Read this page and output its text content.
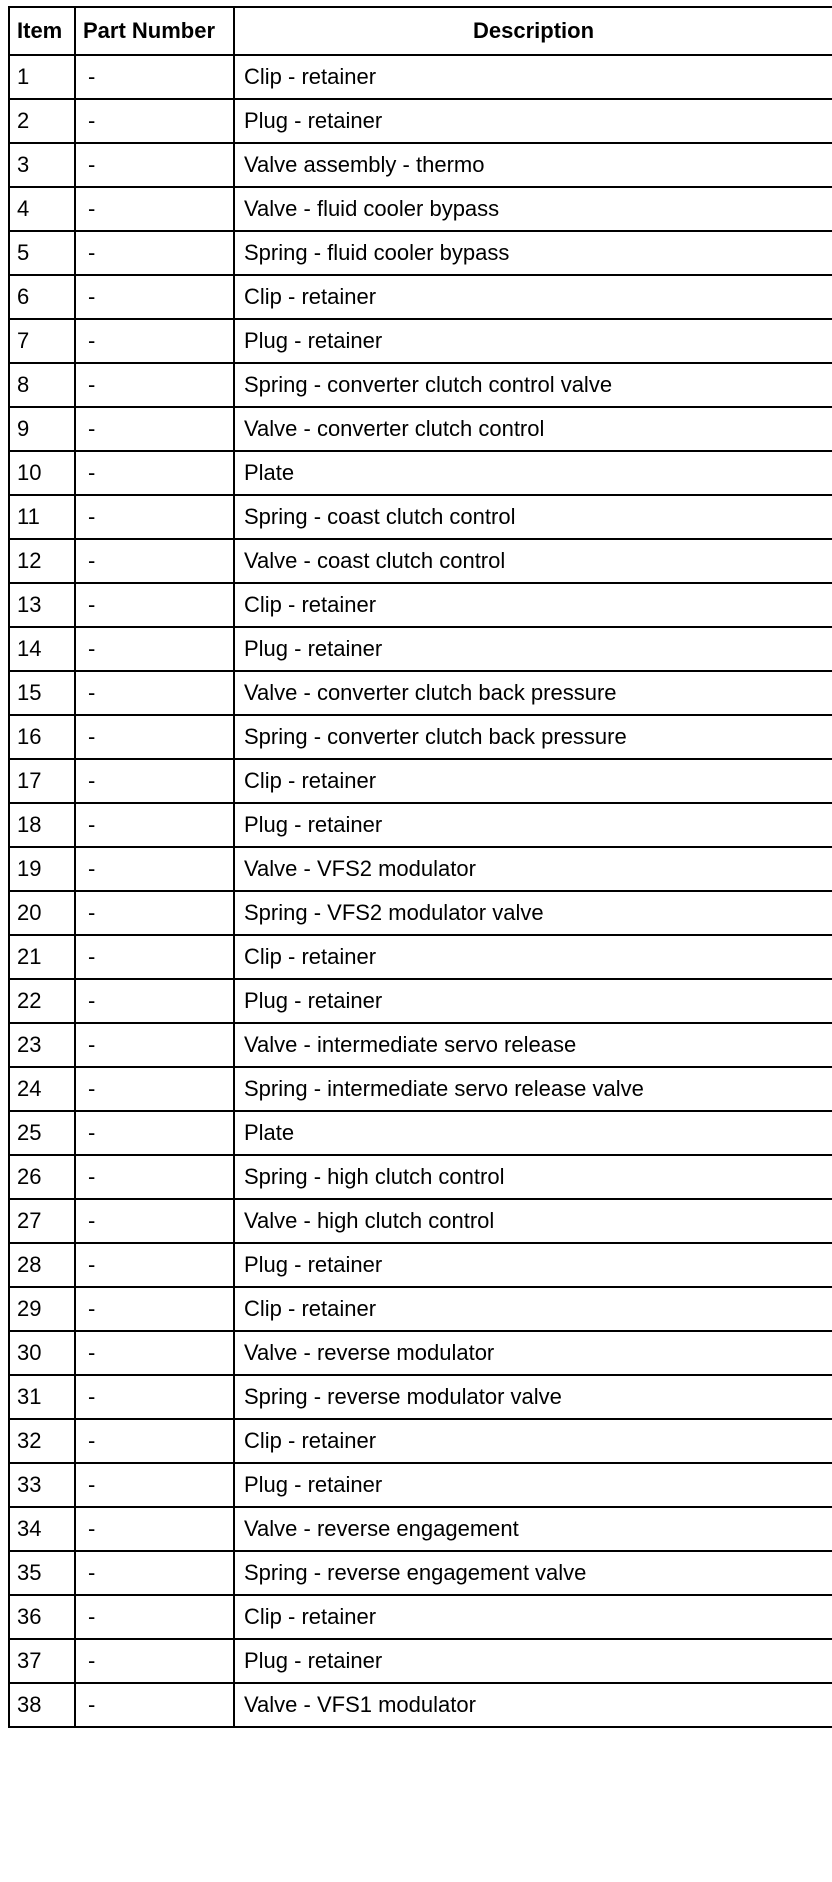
Item	Part Number	Description
1	-	Clip - retainer
2	-	Plug - retainer
3	-	Valve assembly - thermo
4	-	Valve - fluid cooler bypass
5	-	Spring - fluid cooler bypass
6	-	Clip - retainer
7	-	Plug - retainer
8	-	Spring - converter clutch control valve
9	-	Valve - converter clutch control
10	-	Plate
11	-	Spring - coast clutch control
12	-	Valve - coast clutch control
13	-	Clip - retainer
14	-	Plug - retainer
15	-	Valve - converter clutch back pressure
16	-	Spring - converter clutch back pressure
17	-	Clip - retainer
18	-	Plug - retainer
19	-	Valve - VFS2 modulator
20	-	Spring - VFS2 modulator valve
21	-	Clip - retainer
22	-	Plug - retainer
23	-	Valve - intermediate servo release
24	-	Spring - intermediate servo release valve
25	-	Plate
26	-	Spring - high clutch control
27	-	Valve - high clutch control
28	-	Plug - retainer
29	-	Clip - retainer
30	-	Valve - reverse modulator
31	-	Spring - reverse modulator valve
32	-	Clip - retainer
33	-	Plug - retainer
34	-	Valve - reverse engagement
35	-	Spring - reverse engagement valve
36	-	Clip - retainer
37	-	Plug - retainer
38	-	Valve - VFS1 modulator
